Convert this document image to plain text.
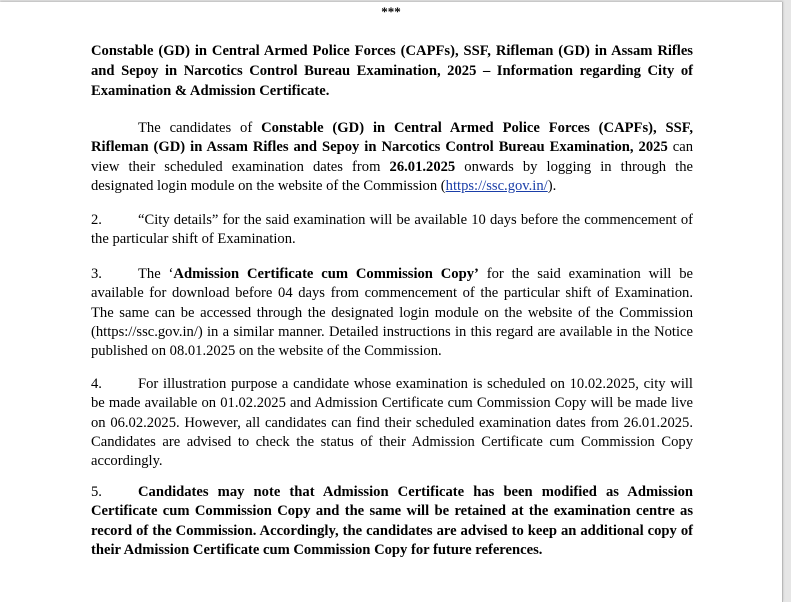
***
Constable (GD) in Central Armed Police Forces (CAPFs), SSF, Rifleman (GD) in Assam Rifles and Sepoy in Narcotics Control Bureau Examination, 2025 – Information regarding City of Examination & Admission Certificate.
The candidates of Constable (GD) in Central Armed Police Forces (CAPFs), SSF, Rifleman (GD) in Assam Rifles and Sepoy in Narcotics Control Bureau Examination, 2025 can view their scheduled examination dates from 26.01.2025 onwards by logging in through the designated login module on the website of the Commission (https://ssc.gov.in/).
2. “City details” for the said examination will be available 10 days before the commencement of the particular shift of Examination.
3. The ‘Admission Certificate cum Commission Copy’ for the said examination will be available for download before 04 days from commencement of the particular shift of Examination. The same can be accessed through the designated login module on the website of the Commission (https://ssc.gov.in/) in a similar manner. Detailed instructions in this regard are available in the Notice published on 08.01.2025 on the website of the Commission.
4. For illustration purpose a candidate whose examination is scheduled on 10.02.2025, city will be made available on 01.02.2025 and Admission Certificate cum Commission Copy will be made live on 06.02.2025. However, all candidates can find their scheduled examination dates from 26.01.2025. Candidates are advised to check the status of their Admission Certificate cum Commission Copy accordingly.
5. Candidates may note that Admission Certificate has been modified as Admission Certificate cum Commission Copy and the same will be retained at the examination centre as record of the Commission. Accordingly, the candidates are advised to keep an additional copy of their Admission Certificate cum Commission Copy for future references.
